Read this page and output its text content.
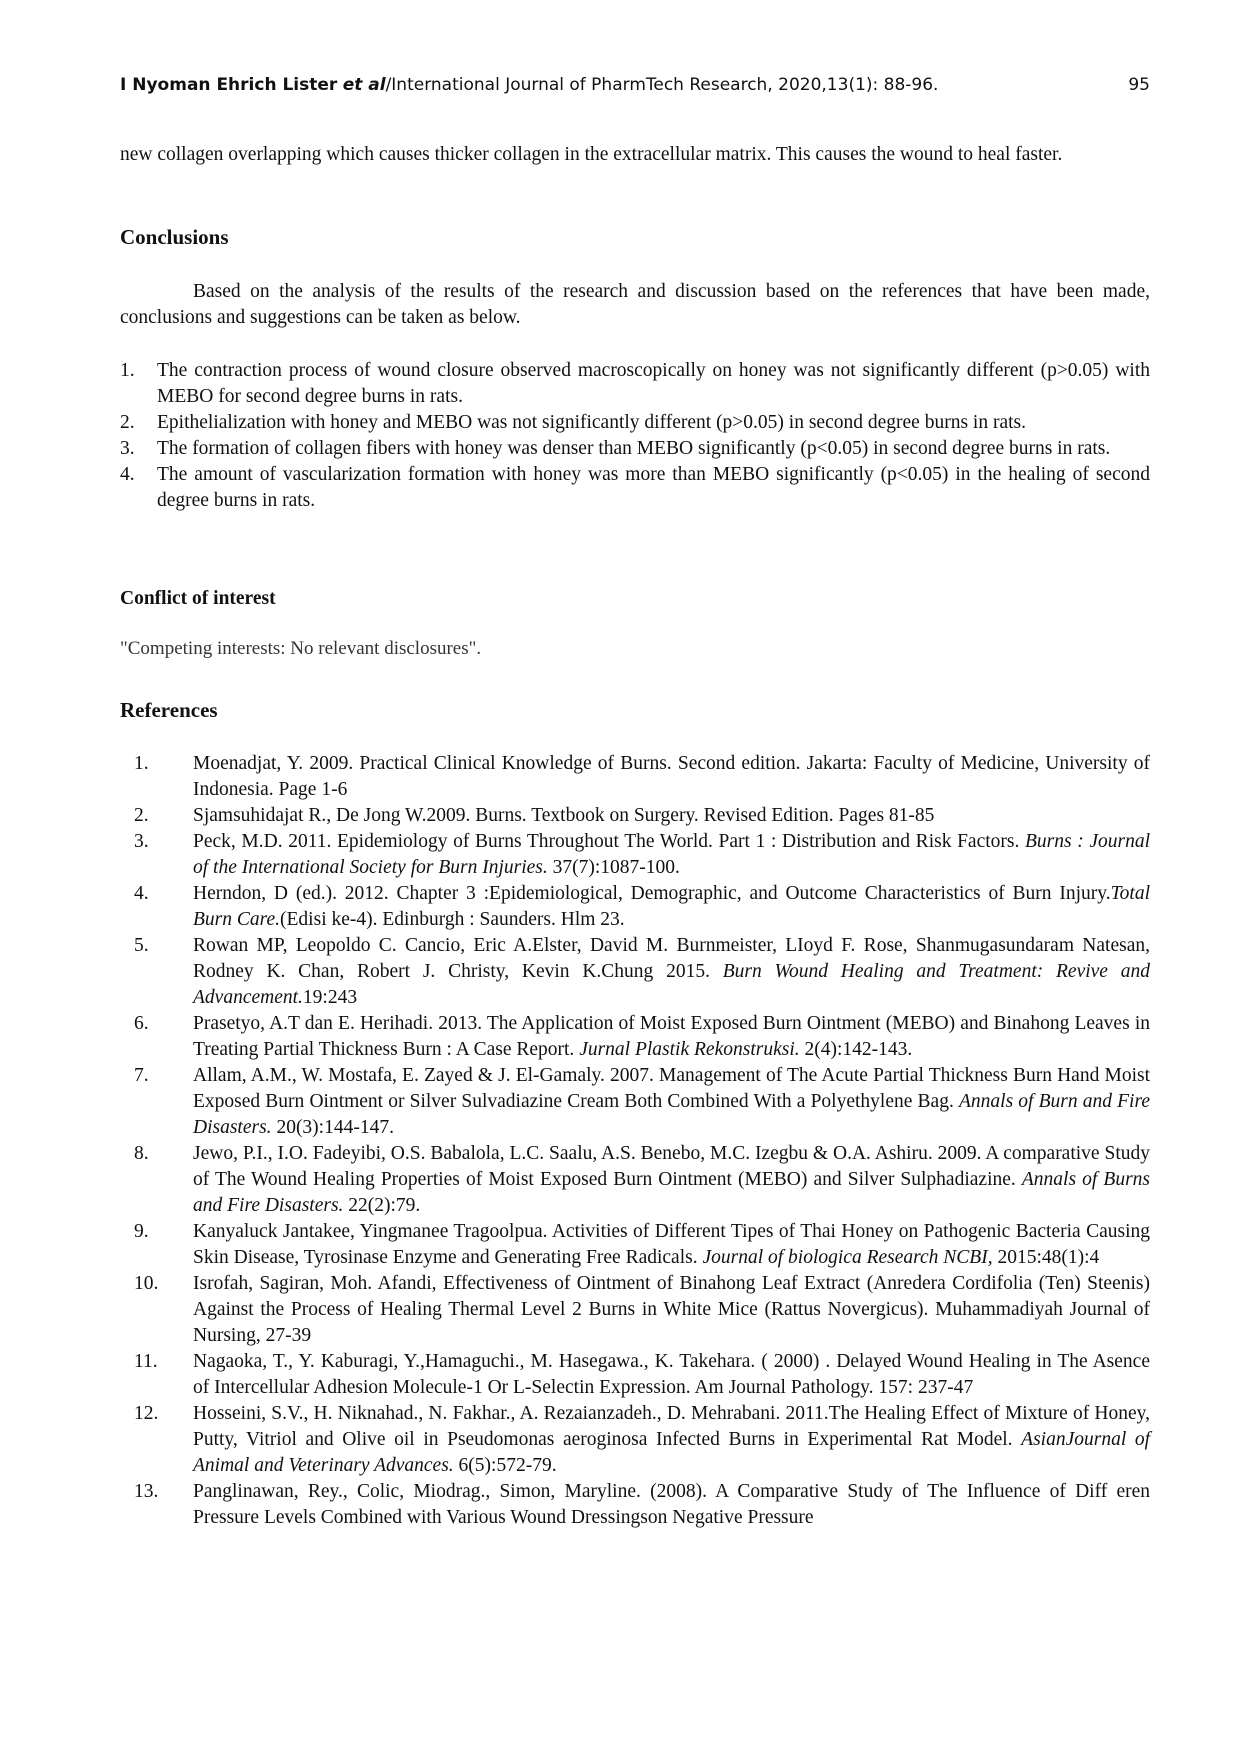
I Nyoman Ehrich Lister et al/International Journal of PharmTech Research, 2020,13(1): 88-96.	95

new collagen overlapping which causes thicker collagen in the extracellular matrix. This causes the wound to heal faster.

Conclusions

Based on the analysis of the results of the research and discussion based on the references that have been made, conclusions and suggestions can be taken as below.

1. The contraction process of wound closure observed macroscopically on honey was not significantly different (p>0.05) with MEBO for second degree burns in rats.
2. Epithelialization with honey and MEBO was not significantly different (p>0.05) in second degree burns in rats.
3. The formation of collagen fibers with honey was denser than MEBO significantly (p<0.05) in second degree burns in rats.
4. The amount of vascularization formation with honey was more than MEBO significantly (p<0.05) in the healing of second degree burns in rats.
Conflict of interest
"Competing interests: No relevant disclosures".
References
1. Moenadjat, Y. 2009. Practical Clinical Knowledge of Burns. Second edition. Jakarta: Faculty of Medicine, University of Indonesia. Page 1-6
2. Sjamsuhidajat R., De Jong W.2009. Burns. Textbook on Surgery. Revised Edition. Pages 81-85
3. Peck, M.D. 2011. Epidemiology of Burns Throughout The World. Part 1 : Distribution and Risk Factors. Burns : Journal of the International Society for Burn Injuries. 37(7):1087-100.
4. Herndon, D (ed.). 2012. Chapter 3 :Epidemiological, Demographic, and Outcome Characteristics of Burn Injury.Total Burn Care.(Edisi ke-4). Edinburgh : Saunders. Hlm 23.
5. Rowan MP, Leopoldo C. Cancio, Eric A.Elster, David M. Burnmeister, LIoyd F. Rose, Shanmugasundaram Natesan, Rodney K. Chan, Robert J. Christy, Kevin K.Chung 2015. Burn Wound Healing and Treatment: Revive and Advancement.19:243
6. Prasetyo, A.T dan E. Herihadi. 2013. The Application of Moist Exposed Burn Ointment (MEBO) and Binahong Leaves in Treating Partial Thickness Burn : A Case Report. Jurnal Plastik Rekonstruksi. 2(4):142-143.
7. Allam, A.M., W. Mostafa, E. Zayed & J. El-Gamaly. 2007. Management of The Acute Partial Thickness Burn Hand Moist Exposed Burn Ointment or Silver Sulvadiazine Cream Both Combined With a Polyethylene Bag. Annals of Burn and Fire Disasters. 20(3):144-147.
8. Jewo, P.I., I.O. Fadeyibi, O.S. Babalola, L.C. Saalu, A.S. Benebo, M.C. Izegbu & O.A. Ashiru. 2009. A comparative Study of The Wound Healing Properties of Moist Exposed Burn Ointment (MEBO) and Silver Sulphadiazine. Annals of Burns and Fire Disasters. 22(2):79.
9. Kanyaluck Jantakee, Yingmanee Tragoolpua. Activities of Different Tipes of Thai Honey on Pathogenic Bacteria Causing Skin Disease, Tyrosinase Enzyme and Generating Free Radicals. Journal of biologica Research NCBI, 2015:48(1):4
10. Isrofah, Sagiran, Moh. Afandi, Effectiveness of Ointment of Binahong Leaf Extract (Anredera Cordifolia (Ten) Steenis) Against the Process of Healing Thermal Level 2 Burns in White Mice (Rattus Novergicus). Muhammadiyah Journal of Nursing, 27-39
11. Nagaoka, T., Y. Kaburagi, Y.,Hamaguchi., M. Hasegawa., K. Takehara. ( 2000) . Delayed Wound Healing in The Asence of Intercellular Adhesion Molecule-1 Or L-Selectin Expression. Am Journal Pathology. 157: 237-47
12. Hosseini, S.V., H. Niknahad., N. Fakhar., A. Rezaianzadeh., D. Mehrabani. 2011.The Healing Effect of Mixture of Honey, Putty, Vitriol and Olive oil in Pseudomonas aeroginosa Infected Burns in Experimental Rat Model. AsianJournal of Animal and Veterinary Advances. 6(5):572-79.
13. Panglinawan, Rey., Colic, Miodrag., Simon, Maryline. (2008). A Comparative Study of The Influence of Diff eren Pressure Levels Combined with Various Wound Dressingson Negative Pressure
